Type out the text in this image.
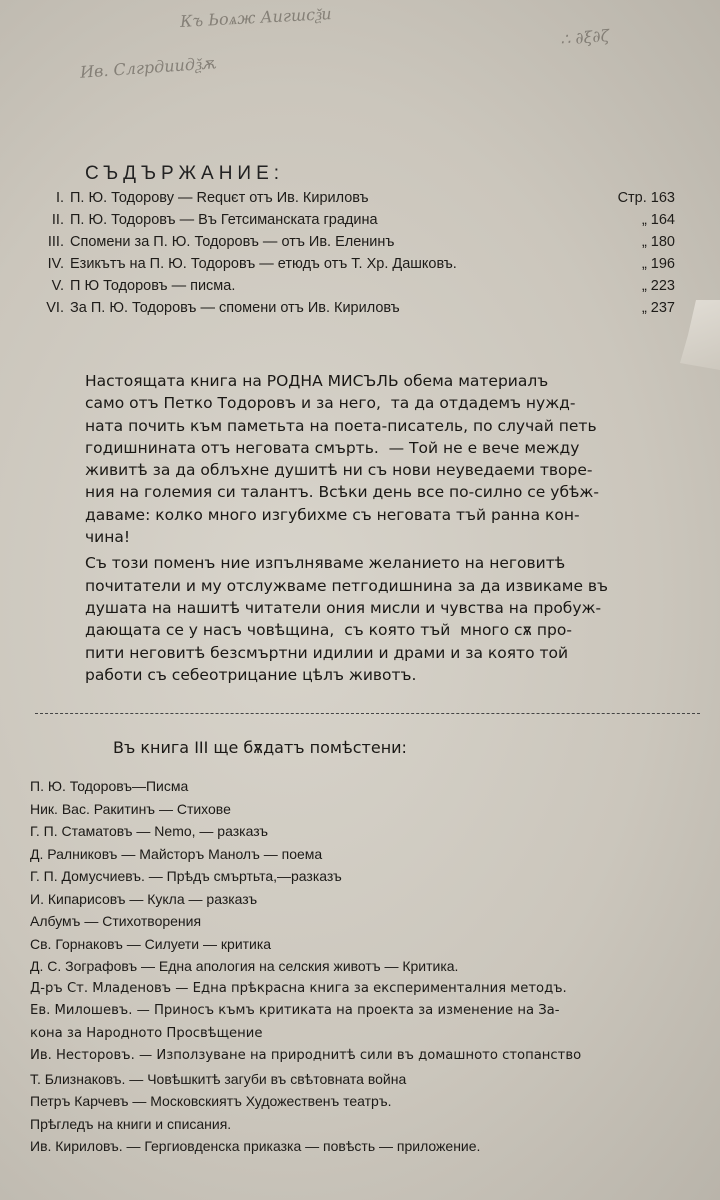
Къ Ьоѧж Аигшсѯи
Ив. Слгрдиидѯѫ
∴ ∂ξ∂ζ
СЪДЪРЖАНИЕ:
I. П. Ю. Тодорову — Requєт отъ Ив. Кириловъ	Стр. 163
II. П. Ю. Тодоровъ — Въ Гетсиманската градина	„ 164
III. Спомени за П. Ю. Тодоровъ — отъ Ив. Еленинъ	„ 180
IV. Езикътъ на П. Ю. Тодоровъ — етюдъ отъ Т. Хр. Дашковъ.	„ 196
V. П Ю Тодоровъ — писма.	„ 223
VI. За П. Ю. Тодоровъ — спомени отъ Ив. Кириловъ	„ 237

Настоящата книга на РОДНА МИСЪЛЬ обема материалъ

само отъ Петко Тодоровъ и за него,  та да отдадемъ нужд-

ната почить към паметьта на поета-писатель, по случай петь

годишнината отъ неговата смърть.  — Той не е вече между

живитѣ за да облъхне душитѣ ни съ нови неуведаеми творе-

ния на големия си талантъ. Всѣки день все по-силно се убѣж-

даваме: колко много изгубихме съ неговата тъй ранна кон-

чина!

Съ този поменъ ние изпълняваме желанието на неговитѣ

почитатели и му отслужваме петгодишнина за да извикаме въ

душата на нашитѣ читатели ония мисли и чувства на пробуж-

дающата се у насъ човѣщина,  съ която тъй  много сѫ про-

пити неговитѣ безсмъртни идилии и драми и за която той

работи съ себеотрицание цѣлъ животъ.

Въ книга III ще бѫдатъ помѣстени:
П. Ю. Тодоровъ—Писма
Ник. Вас. Ракитинъ — Стихове
Г. П. Стаматовъ — Nemo, — разказъ
Д. Ралниковъ — Майсторъ Манолъ — поема
Г. П. Домусчиевъ. — Прѣдъ смъртьта,—разказъ
И. Кипарисовъ — Кукла — разказъ
Албумъ — Стихотворения
Св. Горнаковъ — Силуети — критика
Д. С. Зографовъ — Една апология на селския животъ — Критика.
Д-ръ Ст. Младеновъ — Една прѣкрасна книга за експерименталния методъ.
Ев. Милошевъ. — Приносъ къмъ критиката на проекта за изменение на За-
кона за Народното Просвѣщение
Ив. Несторовъ. — Използуване на природнитѣ сили въ домашното стопанство
Т. Близнаковъ. — Човѣшкитѣ загуби въ свѣтовната война
Петръ Карчевъ — Московскиятъ Художественъ театръ.
Прѣгледъ на книги и списания.
Ив. Кириловъ. — Гергиовденска приказка — повѣсть — приложение.
